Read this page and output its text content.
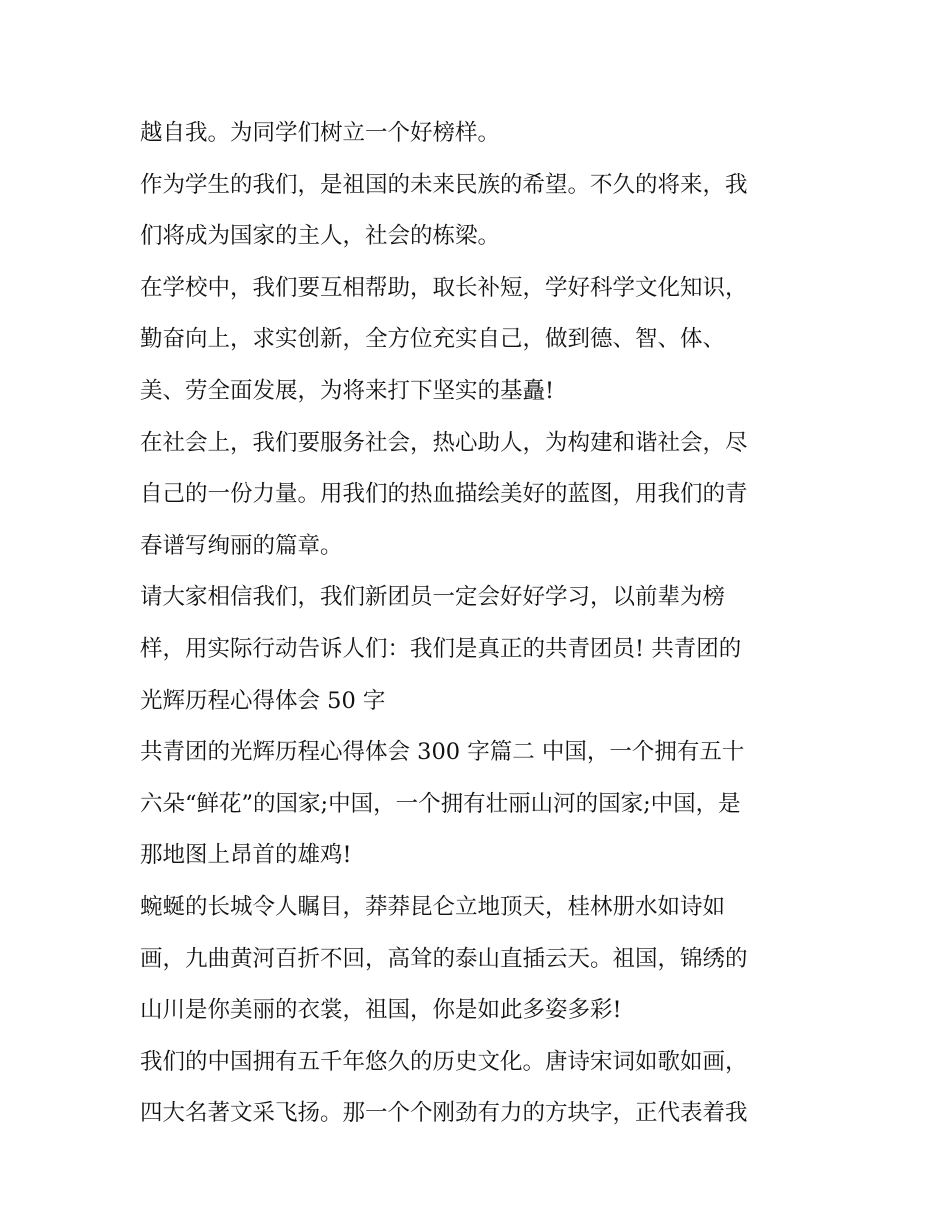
越自我。为同学们树立一个好榜样。
作为学生的我们，是祖国的未来民族的希望。不久的将来，我
们将成为国家的主人，社会的栋梁。
在学校中，我们要互相帮助，取长补短，学好科学文化知识，
勤奋向上，求实创新，全方位充实自己，做到德、智、体、
美、劳全面发展，为将来打下坚实的基矗!
在社会上，我们要服务社会，热心助人，为构建和谐社会，尽
自己的一份力量。用我们的热血描绘美好的蓝图，用我们的青
春谱写绚丽的篇章。
请大家相信我们，我们新团员一定会好好学习，以前辈为榜
样，用实际行动告诉人们：我们是真正的共青团员! 共青团的
光辉历程心得体会 50 字
共青团的光辉历程心得体会 300 字篇二 中国，一个拥有五十
六朵“鲜花”的国家;中国，一个拥有壮丽山河的国家;中国，是
那地图上昂首的雄鸡!
蜿蜒的长城令人瞩目，莽莽昆仑立地顶天，桂林册水如诗如
画，九曲黄河百折不回，高耸的泰山直插云天。祖国，锦绣的
山川是你美丽的衣裳，祖国，你是如此多姿多彩!
我们的中国拥有五千年悠久的历史文化。唐诗宋词如歌如画，
四大名著文采飞扬。那一个个刚劲有力的方块字，正代表着我
